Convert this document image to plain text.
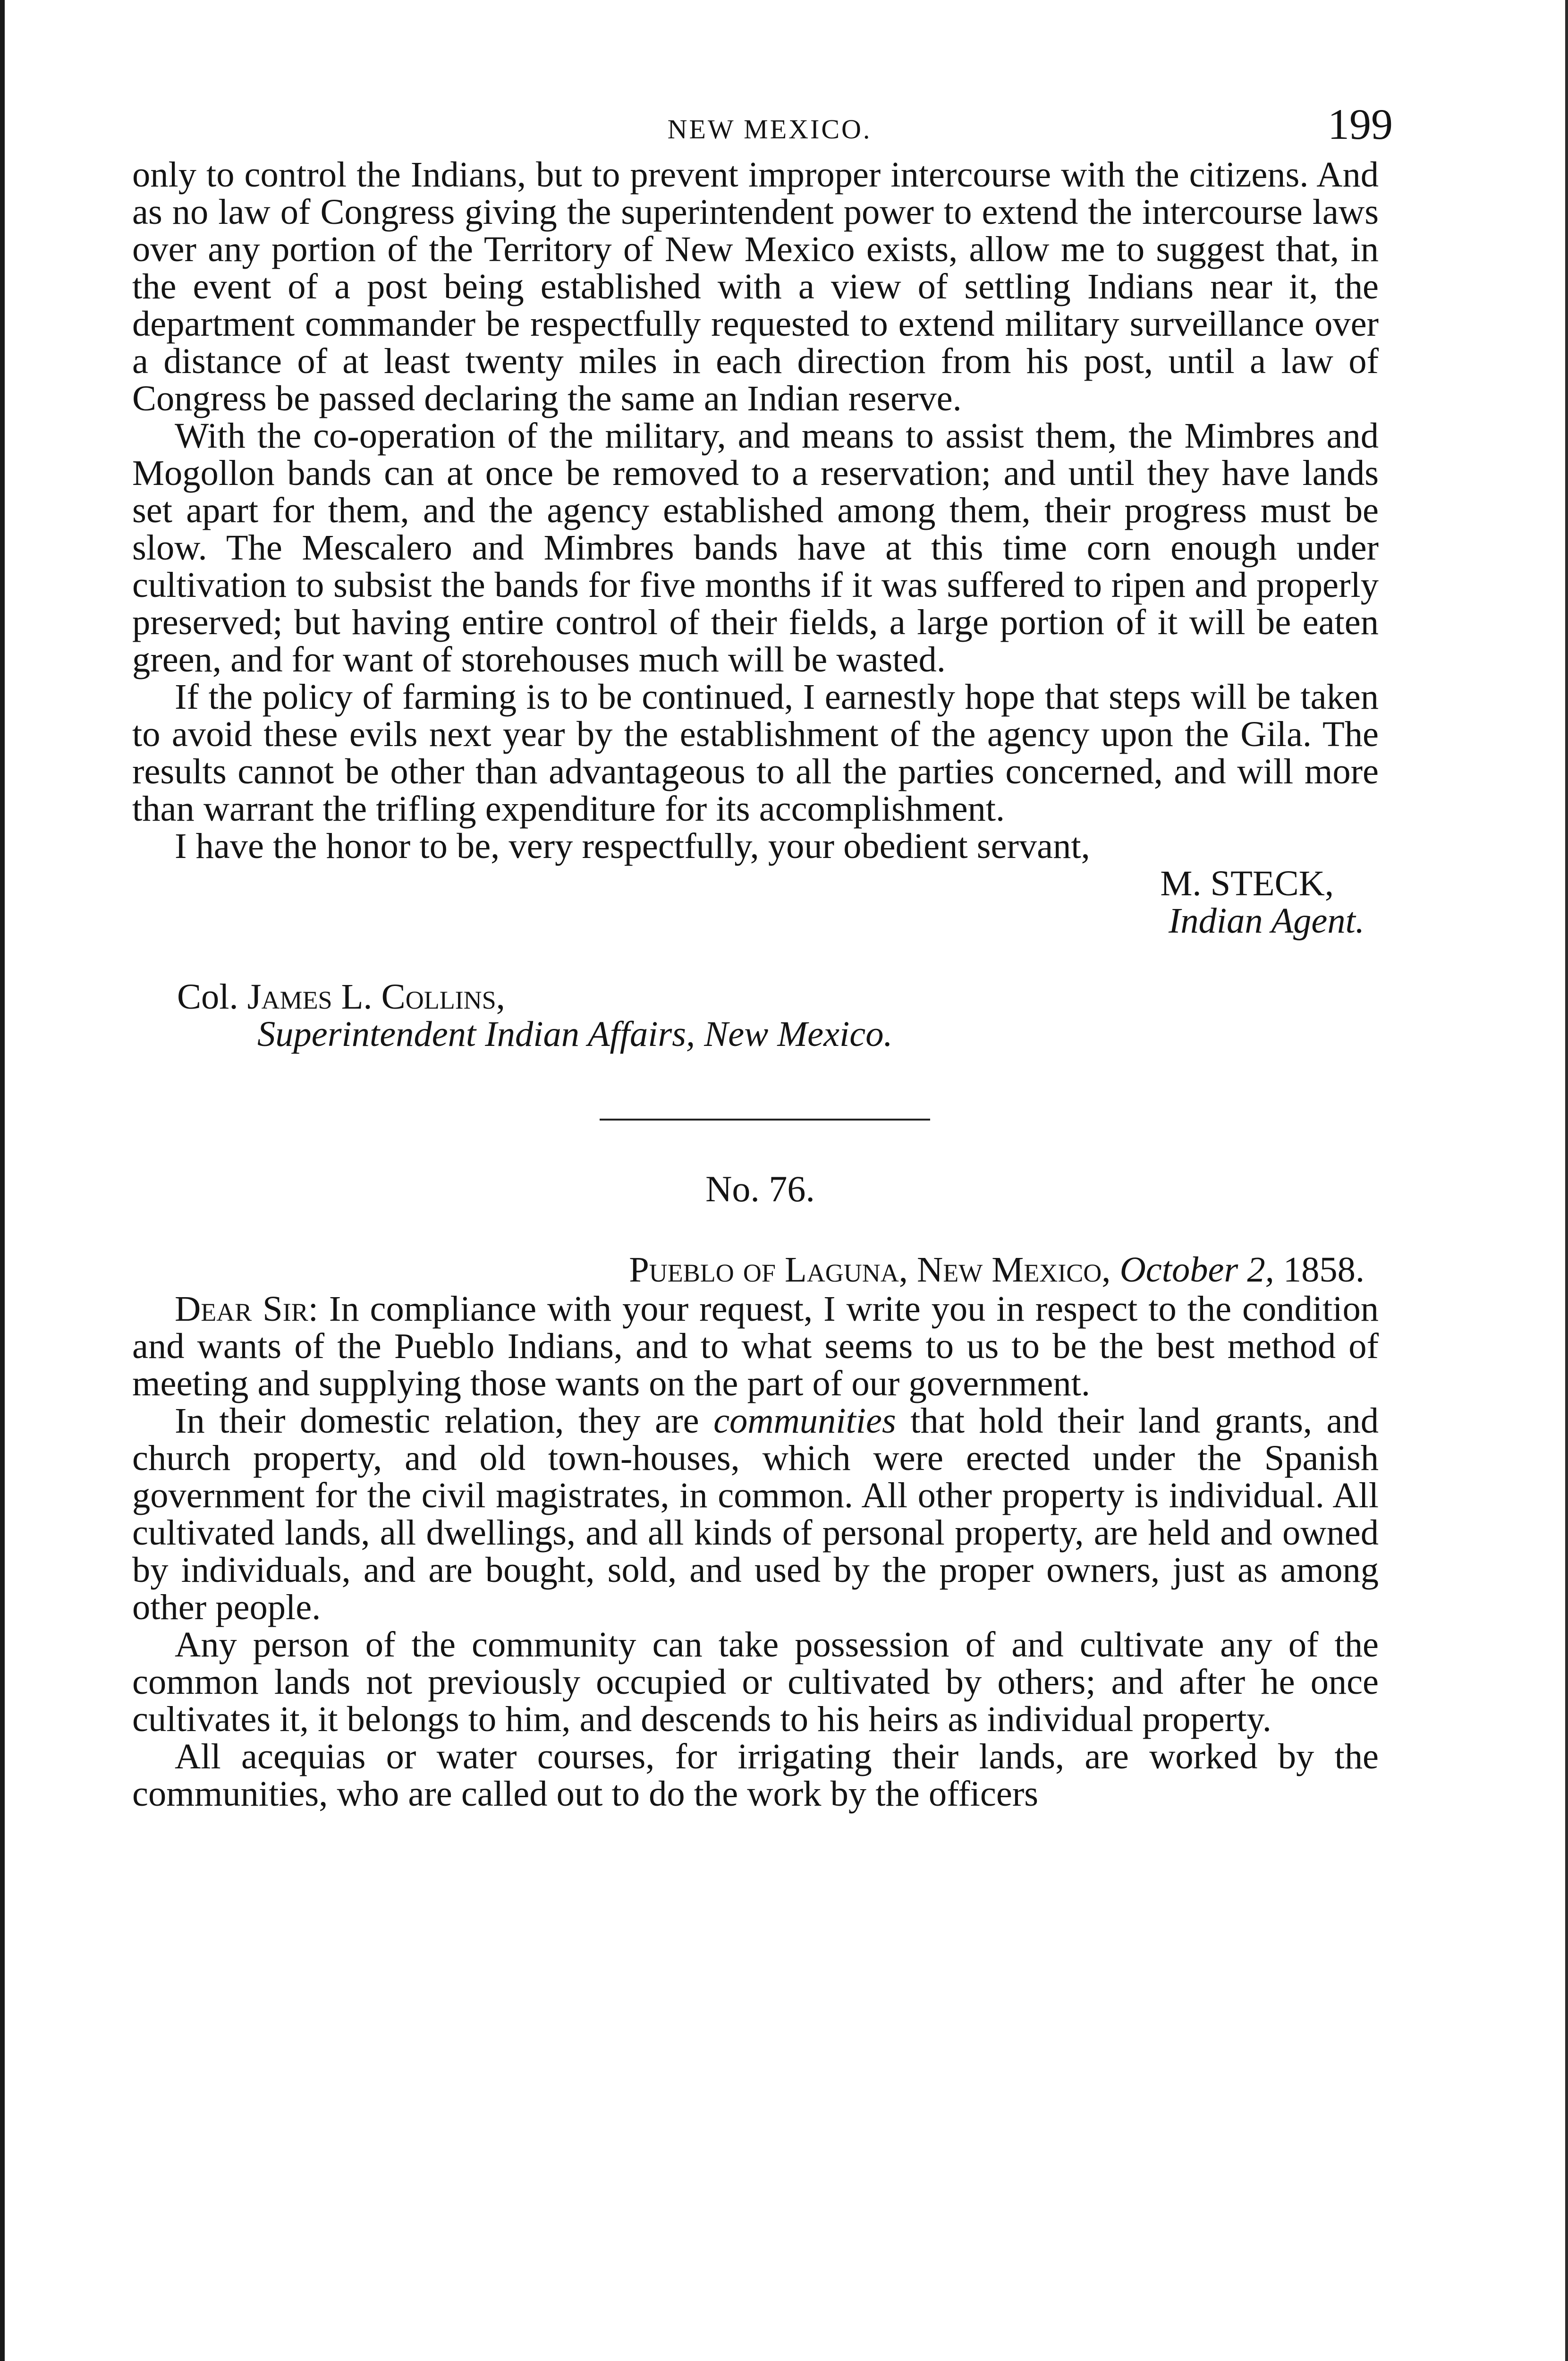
NEW MEXICO.	199

only to control the Indians, but to prevent improper intercourse with the citizens. And as no law of Congress giving the superintendent power to extend the intercourse laws over any portion of the Territory of New Mexico exists, allow me to suggest that, in the event of a post being established with a view of settling Indians near it, the department commander be respectfully requested to extend military surveillance over a distance of at least twenty miles in each direction from his post, until a law of Congress be passed declaring the same an Indian reserve.

With the co-operation of the military, and means to assist them, the Mimbres and Mogollon bands can at once be removed to a reservation; and until they have lands set apart for them, and the agency established among them, their progress must be slow. The Mescalero and Mimbres bands have at this time corn enough under cultivation to subsist the bands for five months if it was suffered to ripen and properly preserved; but having entire control of their fields, a large portion of it will be eaten green, and for want of storehouses much will be wasted.

If the policy of farming is to be continued, I earnestly hope that steps will be taken to avoid these evils next year by the establishment of the agency upon the Gila. The results cannot be other than advantageous to all the parties concerned, and will more than warrant the trifling expenditure for its accomplishment.

I have the honor to be, very respectfully, your obedient servant,

M. STECK,
Indian Agent.
Col. James L. Collins,
Superintendent Indian Affairs, New Mexico.
No. 76.
Pueblo of Laguna, New Mexico, October 2, 1858.

Dear Sir: In compliance with your request, I write you in respect to the condition and wants of the Pueblo Indians, and to what seems to us to be the best method of meeting and supplying those wants on the part of our government.

In their domestic relation, they are communities that hold their land grants, and church property, and old town-houses, which were erected under the Spanish government for the civil magistrates, in common. All other property is individual. All cultivated lands, all dwellings, and all kinds of personal property, are held and owned by individuals, and are bought, sold, and used by the proper owners, just as among other people.

Any person of the community can take possession of and cultivate any of the common lands not previously occupied or cultivated by others; and after he once cultivates it, it belongs to him, and descends to his heirs as individual property.

All acequias or water courses, for irrigating their lands, are worked by the communities, who are called out to do the work by the officers
